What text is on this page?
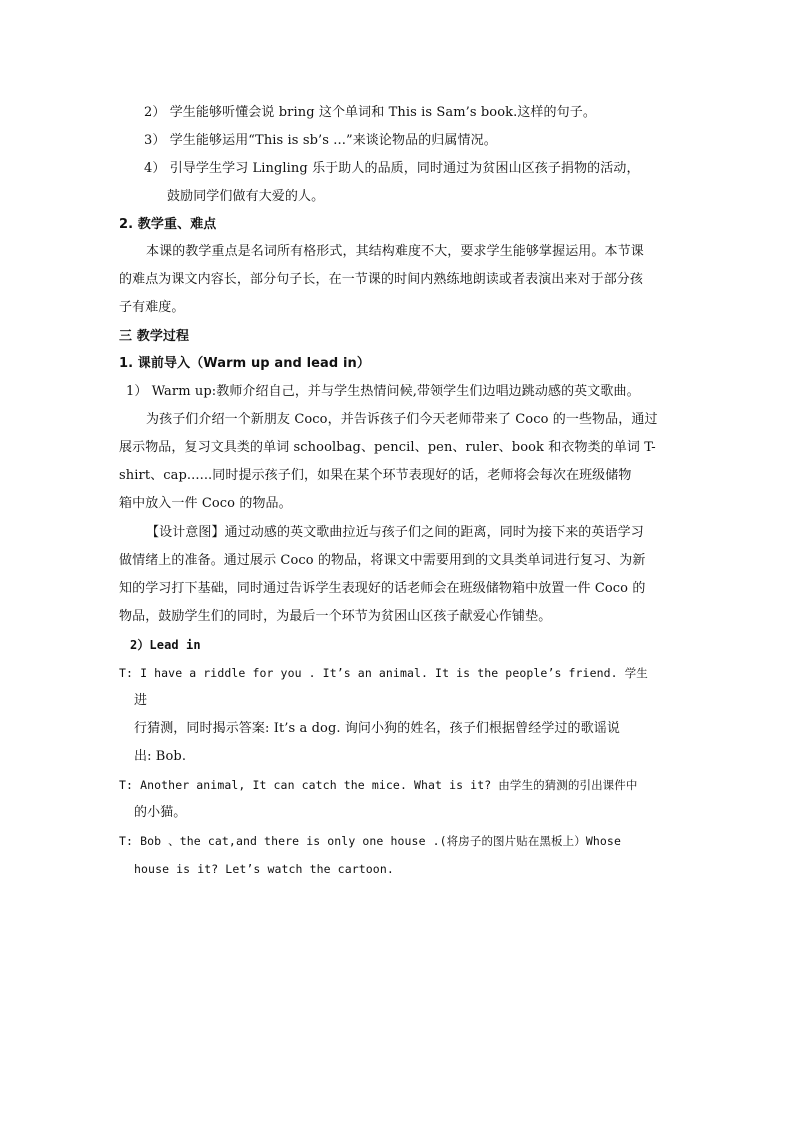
2） 学生能够听懂会说 bring 这个单词和 This is Sam’s book.这样的句子。
3） 学生能够运用“This is sb’s ...”来谈论物品的归属情况。
4） 引导学生学习 Lingling 乐于助人的品质，同时通过为贫困山区孩子捐物的活动，
鼓励同学们做有大爱的人。
2. 教学重、难点
本课的教学重点是名词所有格形式，其结构难度不大，要求学生能够掌握运用。本节课
的难点为课文内容长，部分句子长，在一节课的时间内熟练地朗读或者表演出来对于部分孩
子有难度。
三 教学过程
1. 课前导入（Warm up and lead in）
1） Warm up:教师介绍自己，并与学生热情问候,带领学生们边唱边跳动感的英文歌曲。
为孩子们介绍一个新朋友 Coco，并告诉孩子们今天老师带来了 Coco 的一些物品，通过
展示物品，复习文具类的单词 schoolbag、pencil、pen、ruler、book 和衣物类的单词 T-
shirt、cap......同时提示孩子们，如果在某个环节表现好的话，老师将会每次在班级储物
箱中放入一件 Coco 的物品。
【设计意图】通过动感的英文歌曲拉近与孩子们之间的距离，同时为接下来的英语学习
做情绪上的准备。通过展示 Coco 的物品，将课文中需要用到的文具类单词进行复习、为新
知的学习打下基础，同时通过告诉学生表现好的话老师会在班级储物箱中放置一件 Coco 的
物品，鼓励学生们的同时，为最后一个环节为贫困山区孩子献爱心作铺垫。
2）Lead in
T: I have a riddle for you . It’s an animal. It is the people’s friend. 学生
进
行猜测，同时揭示答案: It’s a dog. 询问小狗的姓名，孩子们根据曾经学过的歌谣说
出: Bob.
T: Another animal, It can catch the mice. What is it? 由学生的猜测的引出课件中
的小猫。
T: Bob 、the cat,and there is only one house .(将房子的图片贴在黑板上）Whose
house is it? Let’s watch the cartoon.
